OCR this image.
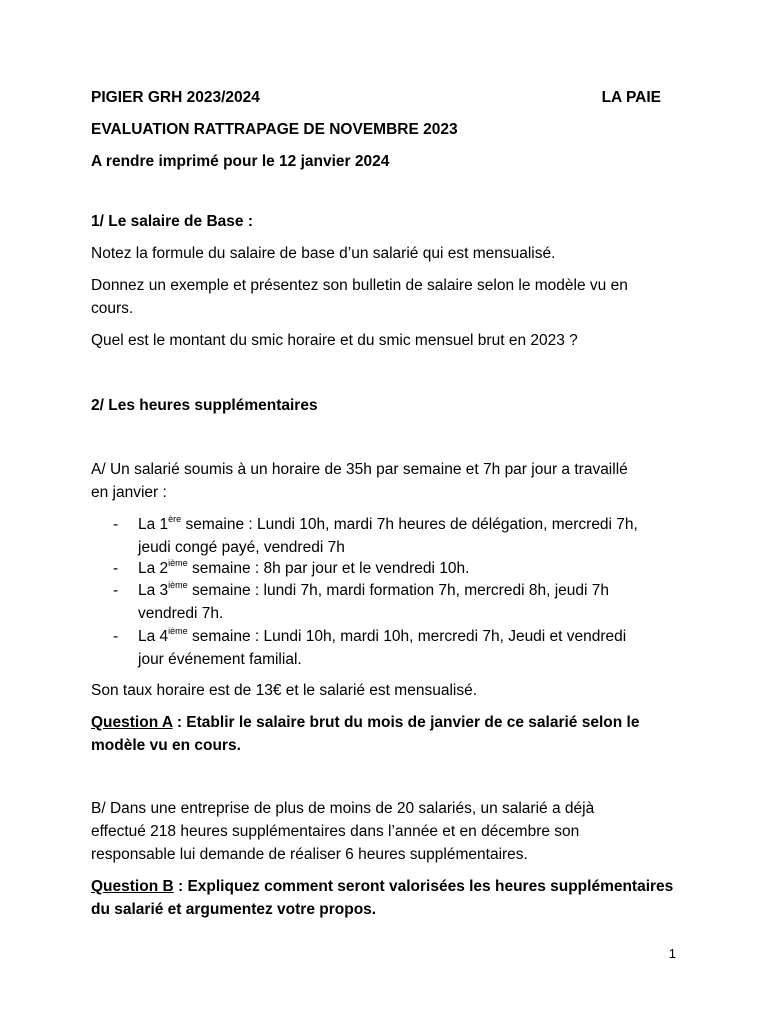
PIGIER GRH 2023/2024	LA PAIE
EVALUATION RATTRAPAGE DE NOVEMBRE 2023
A rendre imprimé pour le 12 janvier 2024
1/ Le salaire de Base :
Notez la formule du salaire de base d’un salarié qui est mensualisé.
Donnez un exemple et présentez son bulletin de salaire selon le modèle vu en
cours.
Quel est le montant du smic horaire et du smic mensuel brut en 2023 ?
2/ Les heures supplémentaires
A/ Un salarié soumis à un horaire de 35h par semaine et 7h par jour a travaillé
en janvier :
- La 1ère semaine : Lundi 10h, mardi 7h heures de délégation, mercredi 7h,
jeudi congé payé, vendredi 7h
- La 2ième semaine : 8h par jour et le vendredi 10h.
- La 3ième semaine : lundi 7h, mardi formation 7h, mercredi 8h, jeudi 7h
vendredi 7h.
- La 4ième semaine : Lundi 10h, mardi 10h, mercredi 7h, Jeudi et vendredi
jour événement familial.
Son taux horaire est de 13€ et le salarié est mensualisé.
Question A : Etablir le salaire brut du mois de janvier de ce salarié selon le
modèle vu en cours.
B/ Dans une entreprise de plus de moins de 20 salariés, un salarié a déjà
effectué 218 heures supplémentaires dans l’année et en décembre son
responsable lui demande de réaliser 6 heures supplémentaires.
Question B : Expliquez comment seront valorisées les heures supplémentaires
du salarié et argumentez votre propos.
1
